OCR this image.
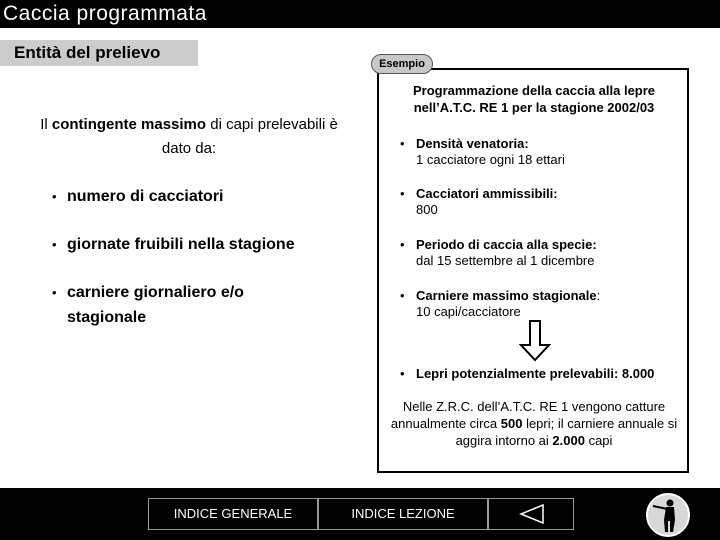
Caccia programmata
Entità del prelievo
Il contingente massimo di capi prelevabili è dato da:
• numero di cacciatori
• giornate fruibili nella stagione
• carniere giornaliero e/o stagionale
Esempio
Programmazione della caccia alla lepre nell’A.T.C. RE 1 per la stagione 2002/03
• Densità venatoria:
1 cacciatore ogni 18 ettari
• Cacciatori ammissibili:
800
• Periodo di caccia alla specie:
dal 15 settembre al 1 dicembre
• Carniere massimo stagionale:
10 capi/cacciatore
• Lepri potenzialmente prelevabili: 8.000
Nelle Z.R.C. dell’A.T.C. RE 1 vengono catture annualmente circa 500 lepri; il carniere annuale si aggira intorno ai 2.000 capi
INDICE GENERALE	INDICE LEZIONE
